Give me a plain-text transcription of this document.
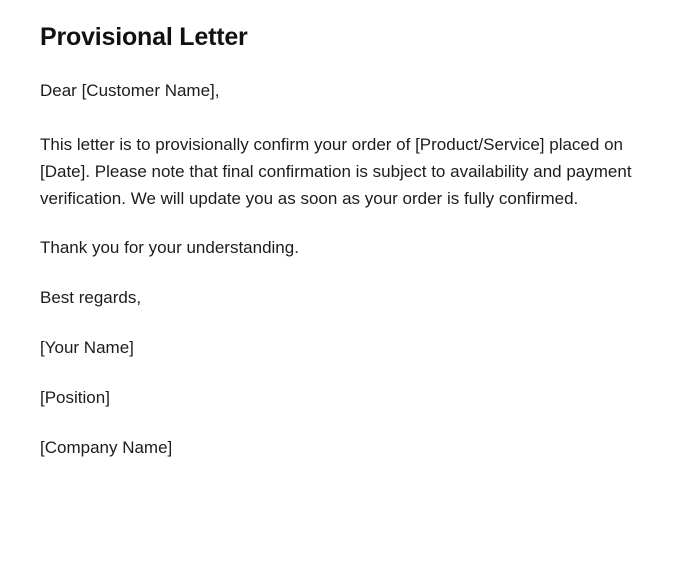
Provisional Letter

Dear [Customer Name],

This letter is to provisionally confirm your order of [Product/Service] placed on [Date]. Please note that final confirmation is subject to availability and payment verification. We will update you as soon as your order is fully confirmed.

Thank you for your understanding.

Best regards,

[Your Name]

[Position]

[Company Name]
